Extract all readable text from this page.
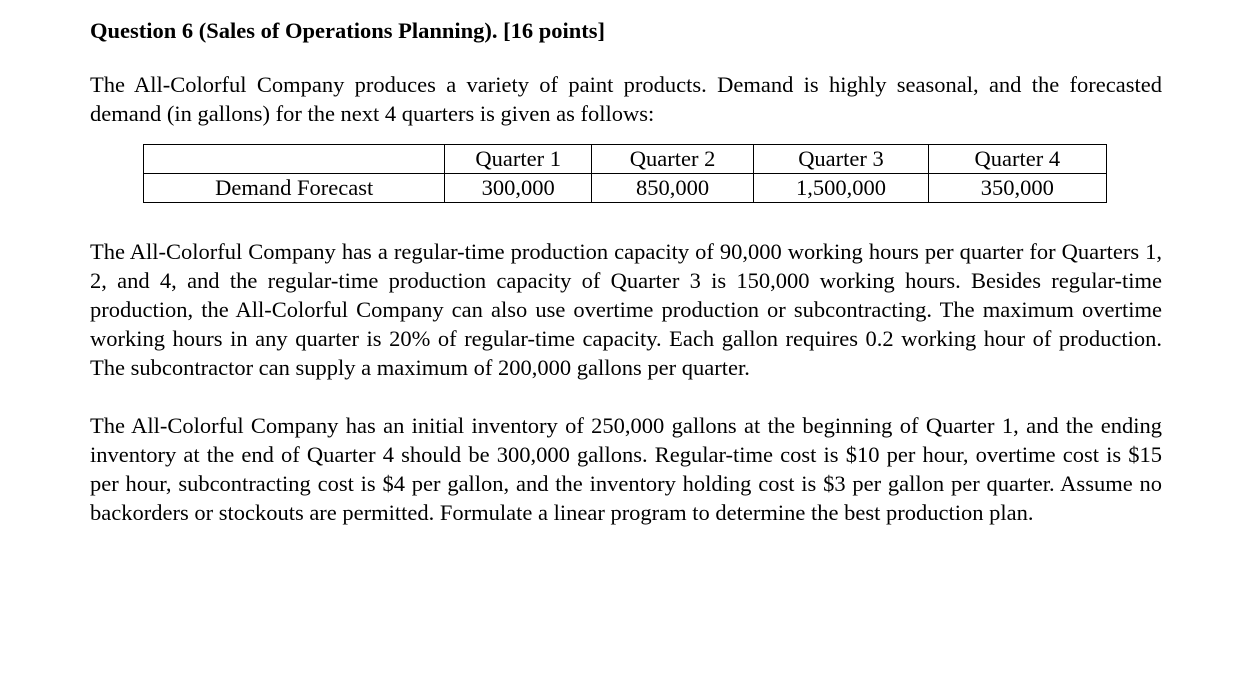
Question 6 (Sales of Operations Planning). [16 points]

The All-Colorful Company produces a variety of paint products. Demand is highly seasonal, and the forecasted demand (in gallons) for the next 4 quarters is given as follows:

	Quarter 1	Quarter 2	Quarter 3	Quarter 4
Demand Forecast	300,000	850,000	1,500,000	350,000

The All-Colorful Company has a regular-time production capacity of 90,000 working hours per quarter for Quarters 1, 2, and 4, and the regular-time production capacity of Quarter 3 is 150,000 working hours. Besides regular-time production, the All-Colorful Company can also use overtime production or subcontracting. The maximum overtime working hours in any quarter is 20% of regular-time capacity. Each gallon requires 0.2 working hour of production. The subcontractor can supply a maximum of 200,000 gallons per quarter.

The All-Colorful Company has an initial inventory of 250,000 gallons at the beginning of Quarter 1, and the ending inventory at the end of Quarter 4 should be 300,000 gallons. Regular-time cost is $10 per hour, overtime cost is $15 per hour, subcontracting cost is $4 per gallon, and the inventory holding cost is $3 per gallon per quarter. Assume no backorders or stockouts are permitted. Formulate a linear program to determine the best production plan.
